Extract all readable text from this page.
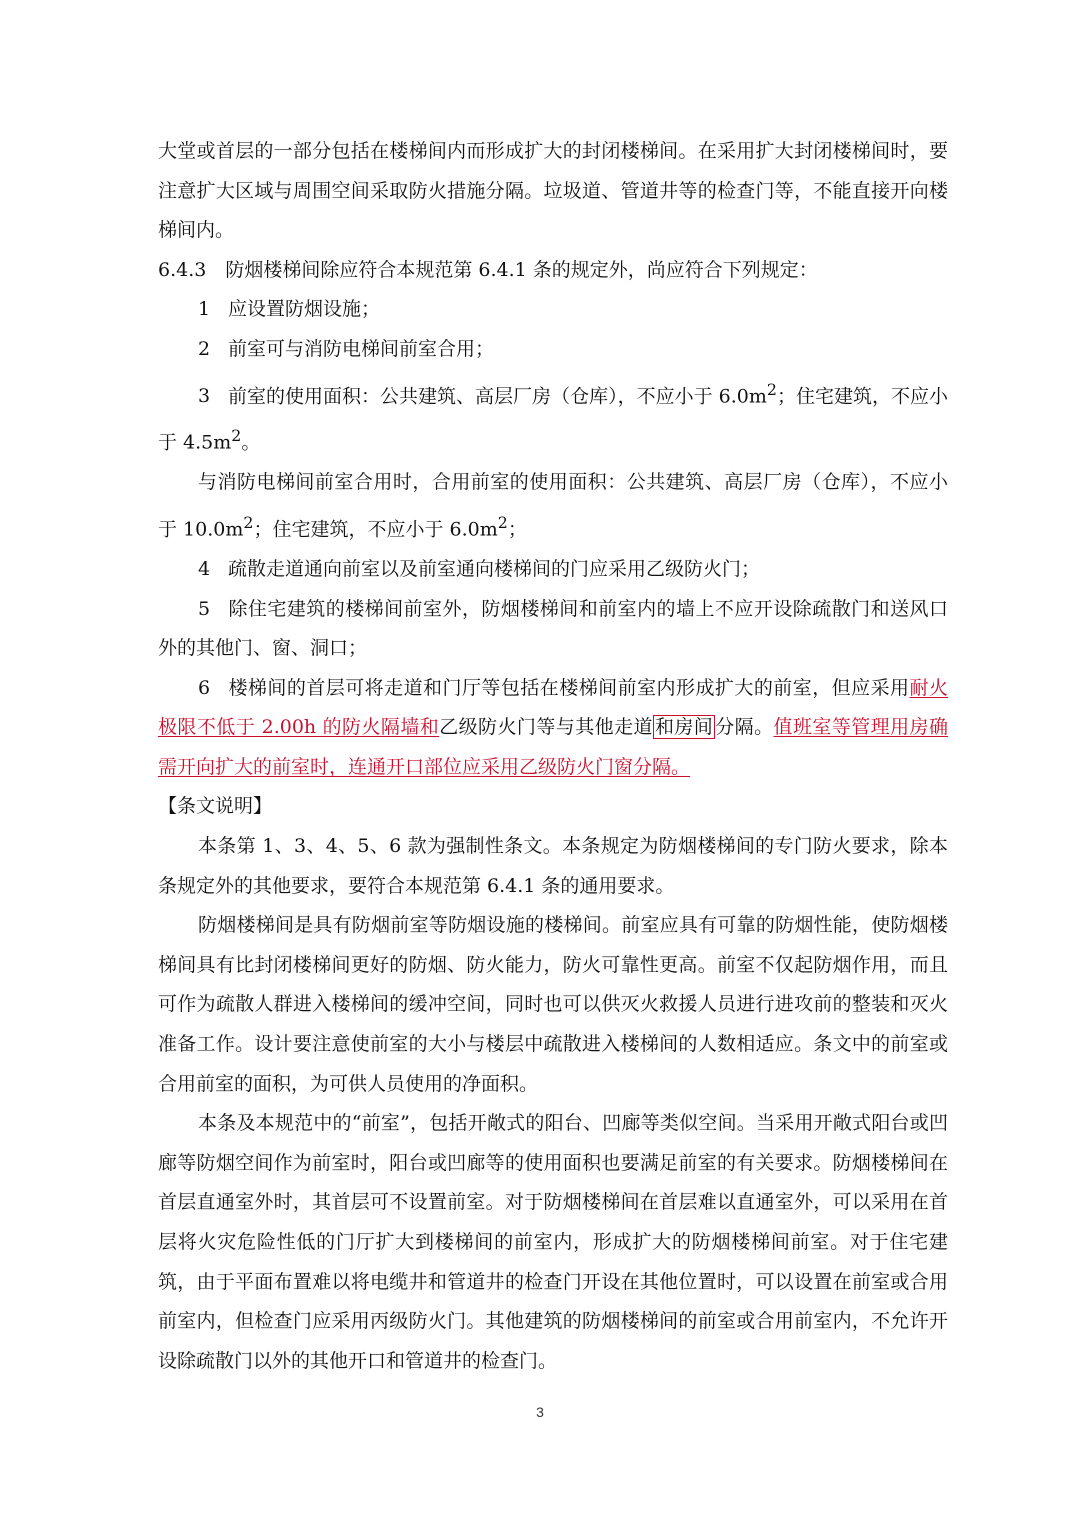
大堂或首层的一部分包括在楼梯间内而形成扩大的封闭楼梯间。在采用扩大封闭楼梯间时，要注意扩大区域与周围空间采取防火措施分隔。垃圾道、管道井等的检查门等，不能直接开向楼梯间内。

6.4.3　防烟楼梯间除应符合本规范第 6.4.1 条的规定外，尚应符合下列规定：

1 应设置防烟设施；

2 前室可与消防电梯间前室合用；

3 前室的使用面积：公共建筑、高层厂房（仓库），不应小于 $6.0m^2$；住宅建筑，不应小于 $4.5m^2$。

与消防电梯间前室合用时，合用前室的使用面积：公共建筑、高层厂房（仓库），不应小于 $10.0m^2$；住宅建筑，不应小于 $6.0m^2$；

4 疏散走道通向前室以及前室通向楼梯间的门应采用乙级防火门；

5 除住宅建筑的楼梯间前室外，防烟楼梯间和前室内的墙上不应开设除疏散门和送风口外的其他门、窗、洞口；

6 楼梯间的首层可将走道和门厅等包括在楼梯间前室内形成扩大的前室，但应采用耐火极限不低于 2.00h 的防火隔墙和乙级防火门等与其他走道 和房间 分隔。值班室等管理用房确需开向扩大的前室时，连通开口部位应采用乙级防火门窗分隔。

【条文说明】

本条第 1、3、4、5、6 款为强制性条文。本条规定为防烟楼梯间的专门防火要求，除本条规定外的其他要求，要符合本规范第 6.4.1 条的通用要求。

防烟楼梯间是具有防烟前室等防烟设施的楼梯间。前室应具有可靠的防烟性能，使防烟楼梯间具有比封闭楼梯间更好的防烟、防火能力，防火可靠性更高。前室不仅起防烟作用，而且可作为疏散人群进入楼梯间的缓冲空间，同时也可以供灭火救援人员进行进攻前的整装和灭火准备工作。设计要注意使前室的大小与楼层中疏散进入楼梯间的人数相适应。条文中的前室或合用前室的面积，为可供人员使用的净面积。

本条及本规范中的“前室”，包括开敞式的阳台、凹廊等类似空间。当采用开敞式阳台或凹廊等防烟空间作为前室时，阳台或凹廊等的使用面积也要满足前室的有关要求。防烟楼梯间在首层直通室外时，其首层可不设置前室。对于防烟楼梯间在首层难以直通室外，可以采用在首层将火灾危险性低的门厅扩大到楼梯间的前室内，形成扩大的防烟楼梯间前室。对于住宅建筑，由于平面布置难以将电缆井和管道井的检查门开设在其他位置时，可以设置在前室或合用前室内，但检查门应采用丙级防火门。其他建筑的防烟楼梯间的前室或合用前室内，不允许开设除疏散门以外的其他开口和管道井的检查门。

3
